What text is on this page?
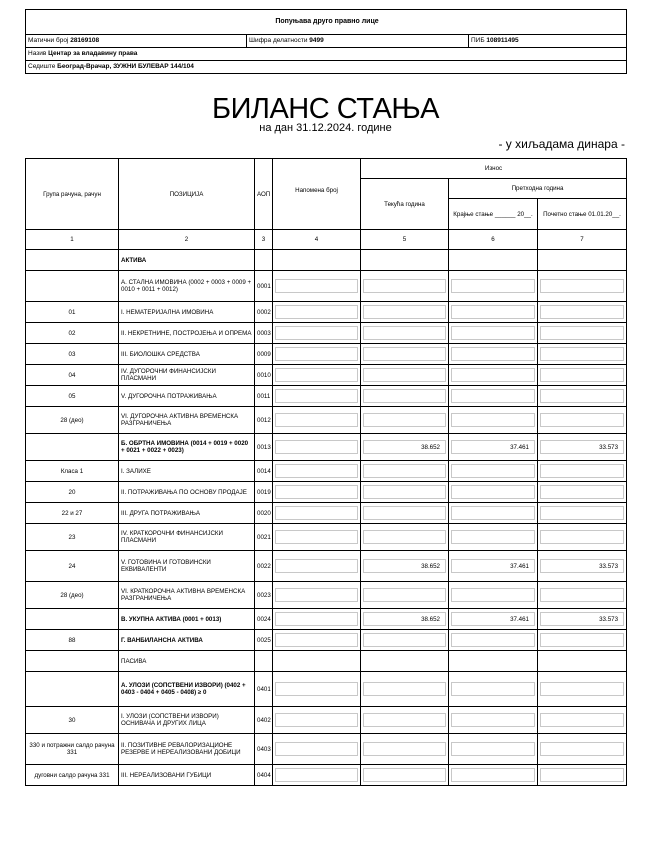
Попуњава друго правно лице
Матични број 28169108	Шифра делатности 9499	ПИБ 108911495
Назив Центар за владавину права
Седиште Београд-Врачар, ЗУЖНИ БУЛЕВАР 144/104
БИЛАНС СТАЊА
на дан 31.12.2024. године
- у хиљадама динара -
Група рачуна, рачун	ПОЗИЦИЈА	АОП	Напомена број	Износ		
				Текућа година	Претходна година	
					Крајње стање ______ 20__.	Почетно стање 01.01.20__.
1	2	3	4	5	6	7
	АКТИВА					
	А. СТАЛНА ИМОВИНА (0002 + 0003 + 0009 + 0010 + 0011 + 0012)	0001	

01	I. НЕМАТЕРИЈАЛНА ИМОВИНА	0002	

02	II. НЕКРЕТНИНЕ, ПОСТРОЈЕЊА И ОПРЕМА	0003	

03	III. БИОЛОШКА СРЕДСТВА	0009	

04	IV. ДУГОРОЧНИ ФИНАНСИЈСКИ ПЛАСМАНИ	0010	

05	V. ДУГОРОЧНА ПОТРАЖИВАЊА	0011	

28 (део)	VI. ДУГОРОЧНА АКТИВНА ВРЕМЕНСКА РАЗГРАНИЧЕЊА	0012	

	Б. ОБРТНА ИМОВИНА (0014 + 0019 + 0020 + 0021 + 0022 + 0023)	0013		38.652	37.461	33.573

Класа 1	I. ЗАЛИХЕ	0014	

20	II. ПОТРАЖИВАЊА ПО ОСНОВУ ПРОДАЈЕ	0019	

22 и 27	III. ДРУГА ПОТРАЖИВАЊА	0020	

23	IV. КРАТКОРОЧНИ ФИНАНСИЈСКИ ПЛАСМАНИ	0021	

24	V. ГОТОВИНА И ГОТОВИНСКИ ЕКВИВАЛЕНТИ	0022		38.652	37.461	33.573

28 (део)	VI. КРАТКОРОЧНА АКТИВНА ВРЕМЕНСКА РАЗГРАНИЧЕЊА	0023	

	В. УКУПНА АКТИВА (0001 + 0013)	0024		38.652	37.461	33.573

88	Г. ВАНБИЛАНСНА АКТИВА	0025	

	ПАСИВА					
	А. УЛОЗИ (СОПСТВЕНИ ИЗВОРИ) (0402 + 0403 - 0404 + 0405 - 0408) ≥ 0	0401	

30	I. УЛОЗИ (СОПСТВЕНИ ИЗВОРИ) ОСНИВАЧА И ДРУГИХ ЛИЦА	0402	

330 и потражни салдо рачуна 331	II. ПОЗИТИВНЕ РЕВАЛОРИЗАЦИОНЕ РЕЗЕРВЕ И НЕРЕАЛИЗОВАНИ ДОБИЦИ	0403	

дуговни салдо рачуна 331	III. НЕРЕАЛИЗОВАНИ ГУБИЦИ	0404	
